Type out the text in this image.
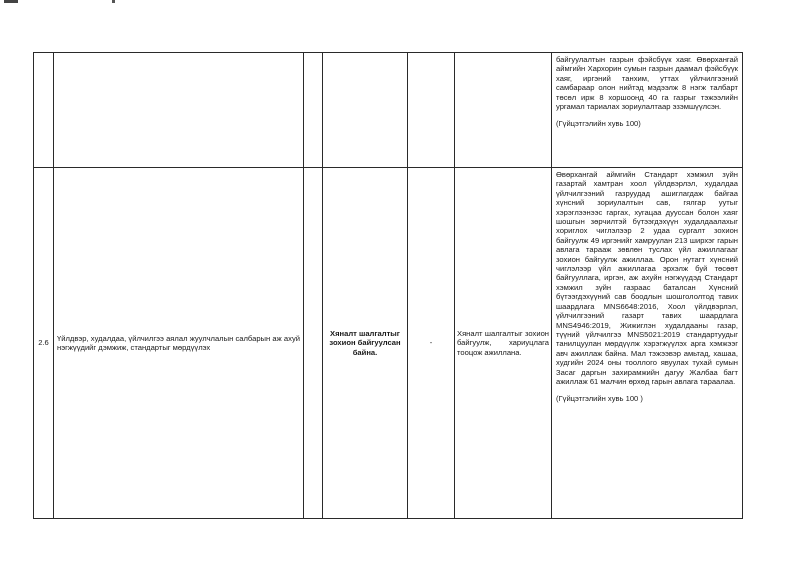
						байгуулалтын газрын фэйсбүүк хаяг. Өвөрхангай аймгийн Хархорин сумын газрын даамал фэйсбүүк хаяг, иргэний танхим, уттах үйлчилгээний самбараар олон нийтэд мэдээлж 8 нэгж талбарт төсөл ирж 8 хоршоонд 40 га газрыг тэжээлийн ургамал тариалах зориулалтаар эзэмшүүлсэн.

(Гүйцэтгэлийн хувь 100)

2.6	Үйлдвэр, худалдаа, үйлчилгээ аялал жуулчлалын салбарын аж ахуй нэгжүүдийг дэмжиж, стандартыг мөрдүүлэх		Хяналт шалгалтыг зохион байгуулсан байна.	-	Хяналт шалгалтыг зохион байгуулж, хариуцлага тооцож ажиллана.	Өвөрхангай аймгийн Стандарт хэмжил зүйн газартай хамтран хоол үйлдвэрлэл, худалдаа үйлчилгээний газруудад ашиглагдаж байгаа хүнсний зориулалтын сав, гялгар уутыг хэрэглээнээс гаргах, хугацаа дууссан болон хаяг шошгын зөрчилтэй бүтээгдэхүүн худалдаалахыг хориглох чиглэлээр 2 удаа сургалт зохион байгуулж 49 иргэнийг хамруулан 213 ширхэг гарын авлага тарааж зөвлөн туслах үйл ажиллагааг зохион байгуулж ажиллаа. Орон нутагт хүнсний чиглэлээр үйл ажиллагаа эрхэлж буй төсөөт байгууллага, иргэн, аж ахуйн нэгжүүдэд Стандарт хэмжил зүйн газраас баталсан Хүнсний бүтээгдэхүүний сав боодлын шошгололтод тавих шаардлага MNS6648:2016, Хоол үйлдвэрлэл, үйлчилгээний газарт тавих шаардлага MNS4946:2019, Жижиглэн худалдааны газар, түүний үйлчилгээ MNS5021:2019 стандартуудыг танилцуулан мөрдүүлж хэрэгжүүлэх арга хэмжээг авч ажиллаж байна. Мал тэжээвэр амьтад, хашаа, худгийн 2024 оны тооллого явуулах тухай сумын Засаг даргын захирамжийн дагуу Жалбаа багт ажиллаж 61 малчин өрхөд гарын авлага тараалаа.

(Гүйцэтгэлийн хувь 100 )
